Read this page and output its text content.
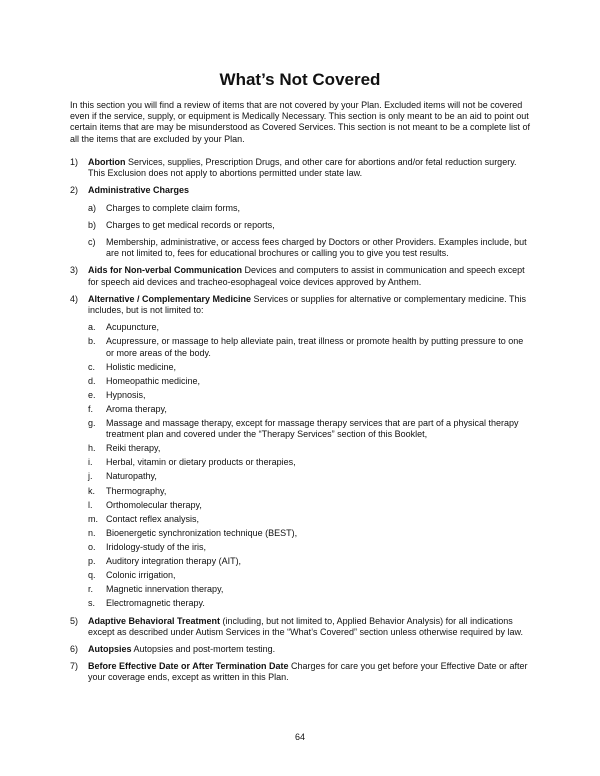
What’s Not Covered

In this section you will find a review of items that are not covered by your Plan. Excluded items will not be covered even if the service, supply, or equipment is Medically Necessary. This section is only meant to be an aid to point out certain items that are may be misunderstood as Covered Services. This section is not meant to be a complete list of all the items that are excluded by your Plan.

1) Abortion Services, supplies, Prescription Drugs, and other care for abortions and/or fetal reduction surgery. This Exclusion does not apply to abortions permitted under state law.
2) Administrative Charges
a) Charges to complete claim forms,
b) Charges to get medical records or reports,
c) Membership, administrative, or access fees charged by Doctors or other Providers. Examples include, but are not limited to, fees for educational brochures or calling you to give you test results.
3) Aids for Non-verbal Communication Devices and computers to assist in communication and speech except for speech aid devices and tracheo-esophageal voice devices approved by Anthem.
4) Alternative / Complementary Medicine Services or supplies for alternative or complementary medicine. This includes, but is not limited to:
a. Acupuncture,
b. Acupressure, or massage to help alleviate pain, treat illness or promote health by putting pressure to one or more areas of the body.
c. Holistic medicine,
d. Homeopathic medicine,
e. Hypnosis,
f. Aroma therapy,
g. Massage and massage therapy, except for massage therapy services that are part of a physical therapy treatment plan and covered under the “Therapy Services” section of this Booklet,
h. Reiki therapy,
i. Herbal, vitamin or dietary products or therapies,
j. Naturopathy,
k. Thermography,
l. Orthomolecular therapy,
m. Contact reflex analysis,
n. Bioenergetic synchronization technique (BEST),
o. Iridology-study of the iris,
p. Auditory integration therapy (AIT),
q. Colonic irrigation,
r. Magnetic innervation therapy,
s. Electromagnetic therapy.
5) Adaptive Behavioral Treatment (including, but not limited to, Applied Behavior Analysis) for all indications except as described under Autism Services in the “What’s Covered” section unless otherwise required by law.
6) Autopsies Autopsies and post-mortem testing.
7) Before Effective Date or After Termination Date Charges for care you get before your Effective Date or after your coverage ends, except as written in this Plan.

64
